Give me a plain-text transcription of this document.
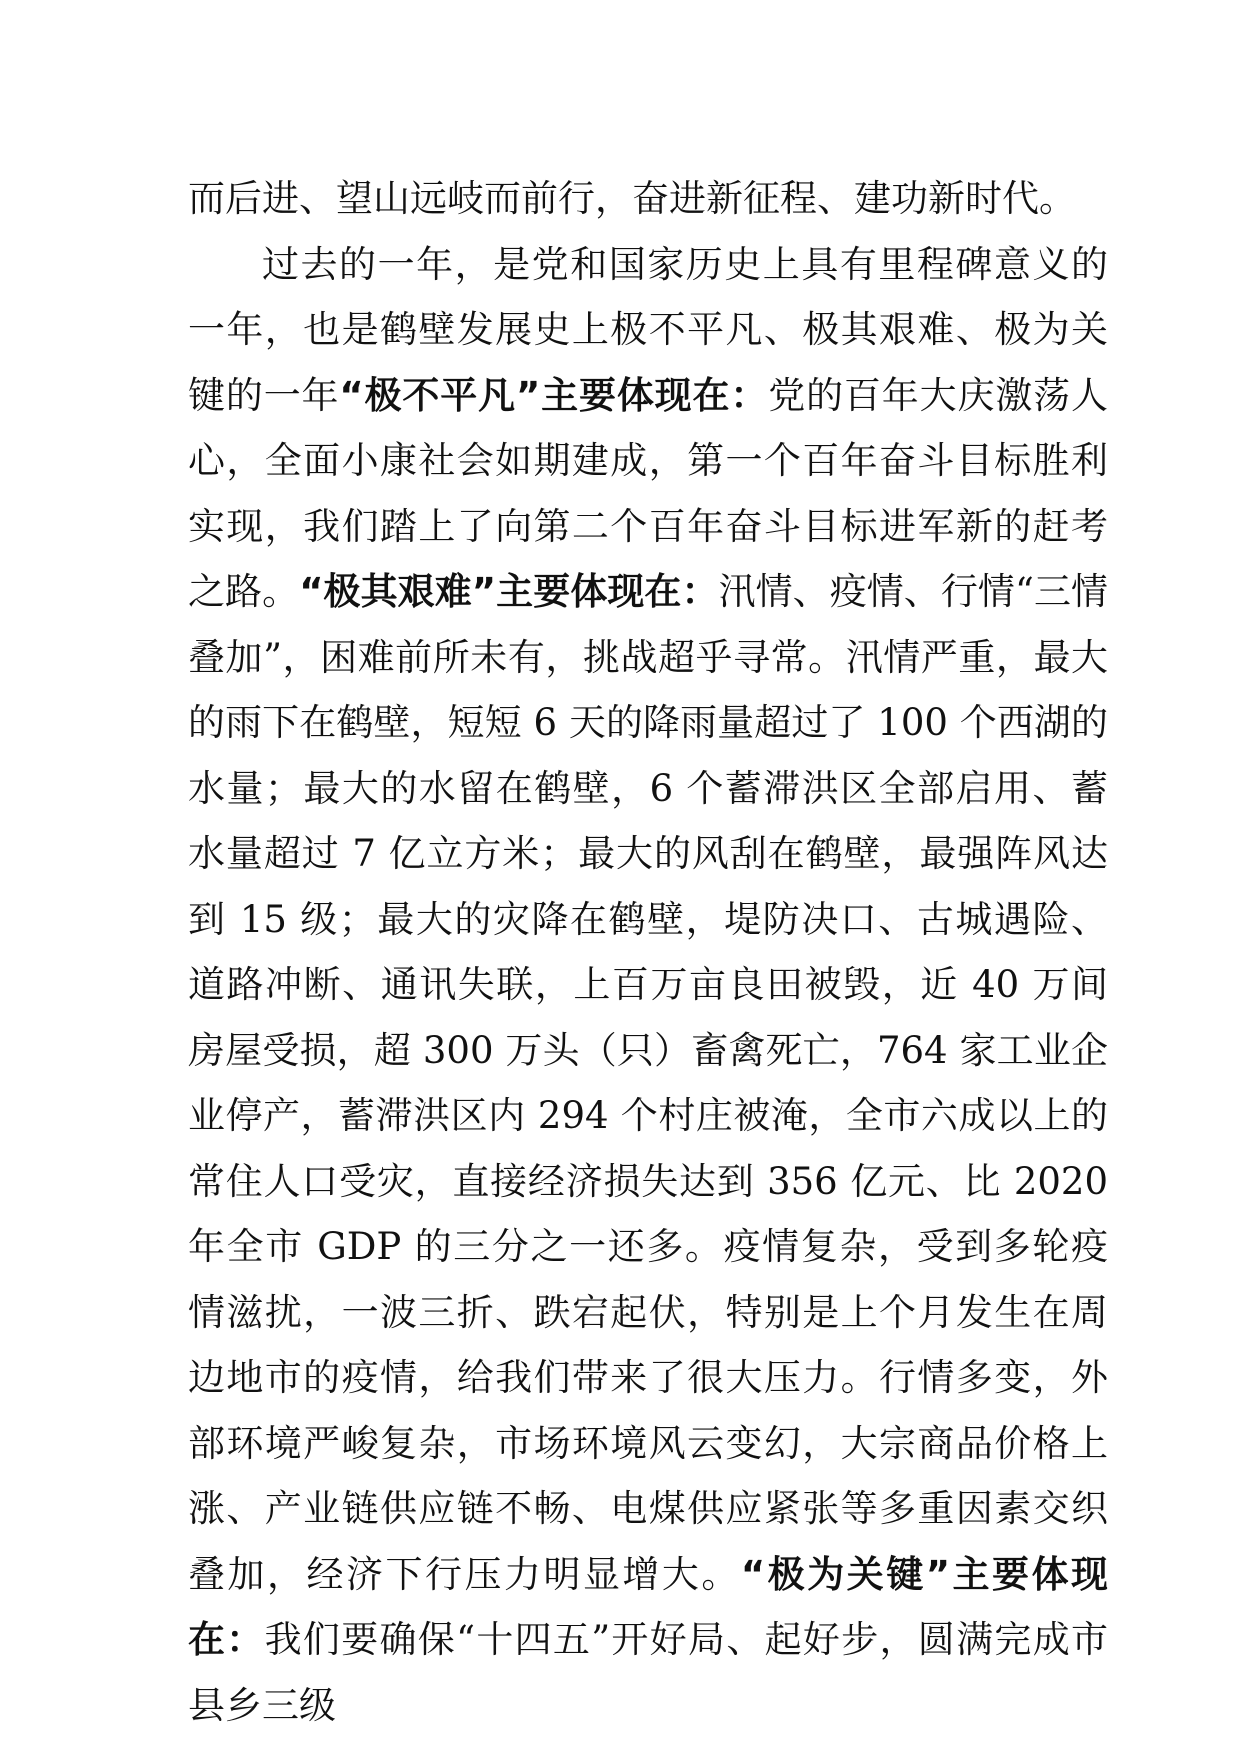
而后进、望山远岐而前行，奋进新征程、建功新时代。

过去的一年，是党和国家历史上具有里程碑意义的一年，也是鹤壁发展史上极不平凡、极其艰难、极为关键的一年“极不平凡”主要体现在：党的百年大庆激荡人心，全面小康社会如期建成，第一个百年奋斗目标胜利实现，我们踏上了向第二个百年奋斗目标进军新的赶考之路。“极其艰难”主要体现在：汛情、疫情、行情“三情叠加”，困难前所未有，挑战超乎寻常。汛情严重，最大的雨下在鹤壁，短短 6 天的降雨量超过了 100 个西湖的水量；最大的水留在鹤壁，6 个蓄滞洪区全部启用、蓄水量超过 7 亿立方米；最大的风刮在鹤壁，最强阵风达到 15 级；最大的灾降在鹤壁，堤防决口、古城遇险、道路冲断、通讯失联，上百万亩良田被毁，近 40 万间房屋受损，超 300 万头（只）畜禽死亡，764 家工业企业停产，蓄滞洪区内 294 个村庄被淹，全市六成以上的常住人口受灾，直接经济损失达到 356 亿元、比 2020 年全市 GDP 的三分之一还多。疫情复杂，受到多轮疫情滋扰，一波三折、跌宕起伏，特别是上个月发生在周边地市的疫情，给我们带来了很大压力。行情多变，外部环境严峻复杂，市场环境风云变幻，大宗商品价格上涨、产业链供应链不畅、电煤供应紧张等多重因素交织叠加，经济下行压力明显增大。“极为关键”主要体现在：我们要确保“十四五”开好局、起好步，圆满完成市县乡三级
